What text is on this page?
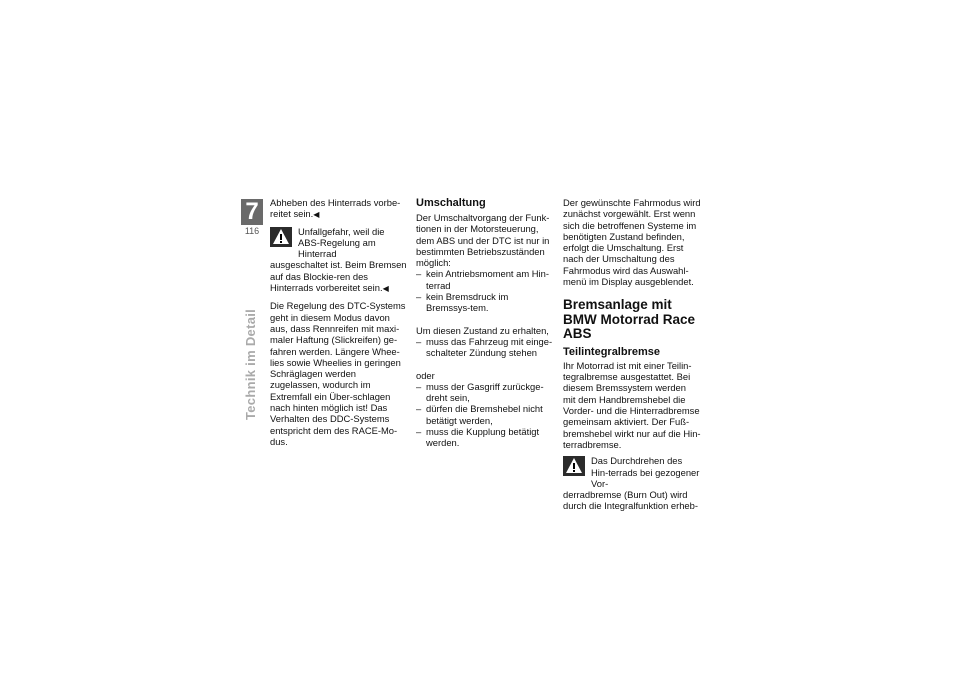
7
116
Technik im Detail

Abheben des Hinterrads vorbe-reitet sein.◀

Unfallgefahr, weil die ABS-Regelung am Hinterrad

ausgeschaltet ist. Beim Bremsen auf das Blockie-ren des Hinterrads vorbereitet sein.◀

Die Regelung des DTC-Systems geht in diesem Modus davon aus, dass Rennreifen mit maxi-maler Haftung (Slickreifen) ge-fahren werden. Längere Whee-lies sowie Wheelies in geringen Schräglagen werden zugelassen, wodurch im Extremfall ein Über-schlagen nach hinten möglich ist! Das Verhalten des DDC-Systems entspricht dem des RACE-Mo-dus.

Umschaltung

Der Umschaltvorgang der Funk-tionen in der Motorsteuerung, dem ABS und der DTC ist nur in bestimmten Betriebszuständen möglich:

– kein Antriebsmoment am Hin-terrad
– kein Bremsdruck im Bremssys-tem.

Um diesen Zustand zu erhalten,

– muss das Fahrzeug mit einge-schalteter Zündung stehen

oder

– muss der Gasgriff zurückge-dreht sein,
– dürfen die Bremshebel nicht betätigt werden,
– muss die Kupplung betätigt werden.

Der gewünschte Fahrmodus wird zunächst vorgewählt. Erst wenn sich die betroffenen Systeme im benötigten Zustand befinden, erfolgt die Umschaltung. Erst nach der Umschaltung des Fahrmodus wird das Auswahl-menü im Display ausgeblendet.

Bremsanlage mit BMW Motorrad Race ABS
Teilintegralbremse

Ihr Motorrad ist mit einer Teilin-tegralbremse ausgestattet. Bei diesem Bremssystem werden mit dem Handbremshebel die Vorder- und die Hinterradbremse gemeinsam aktiviert. Der Fuß-bremshebel wirkt nur auf die Hin-terradbremse.

Das Durchdrehen des Hin-terrads bei gezogener Vor-

derradbremse (Burn Out) wird durch die Integralfunktion erheb-
